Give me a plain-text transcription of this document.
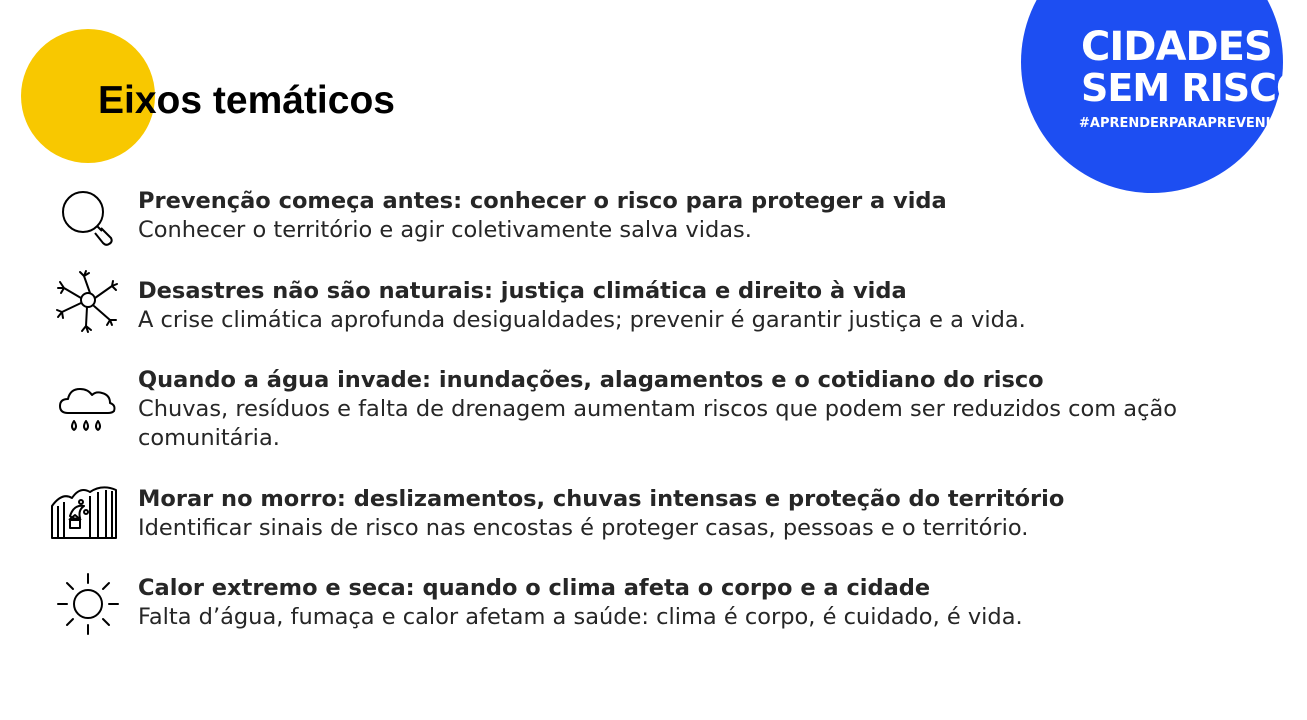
Eixos temáticos
CIDADES
SEM RISCO
#APRENDERPARAPREVENIR
Prevenção começa antes: conhecer o risco para proteger a vida
Conhecer o território e agir coletivamente salva vidas.
Desastres não são naturais: justiça climática e direito à vida
A crise climática aprofunda desigualdades; prevenir é garantir justiça e a vida.
Quando a água invade: inundações, alagamentos e o cotidiano do risco
Chuvas, resíduos e falta de drenagem aumentam riscos que podem ser reduzidos com ação comunitária.
Morar no morro: deslizamentos, chuvas intensas e proteção do território
Identificar sinais de risco nas encostas é proteger casas, pessoas e o território.
Calor extremo e seca: quando o clima afeta o corpo e a cidade
Falta d’água, fumaça e calor afetam a saúde: clima é corpo, é cuidado, é vida.
